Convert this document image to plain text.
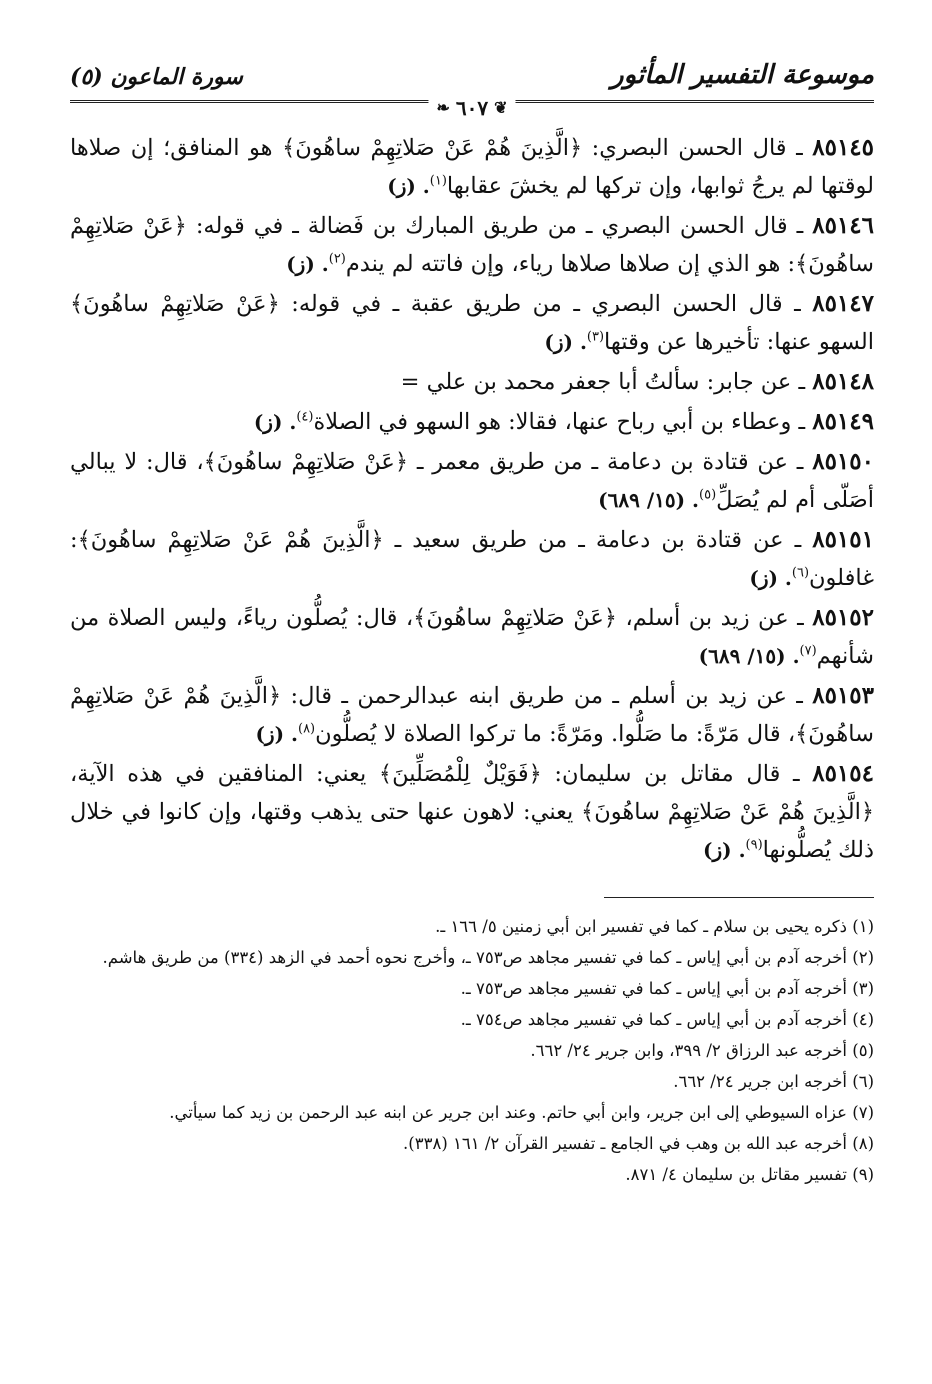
موسوعة التفسير المأثور
سورة الماعون (٥)
❦
٦٠٧
❧

٨٥١٤٥ ـ قال الحسن البصري: ﴿الَّذِينَ هُمْ عَنْ صَلاتِهِمْ ساهُونَ﴾ هو المنافق؛ إن صلاها لوقتها لم يرجُ ثوابها، وإن تركها لم يخشَ عقابها$^{(١)}$. (ز)

٨٥١٤٦ ـ قال الحسن البصري ـ من طريق المبارك بن فَضالة ـ في قوله: ﴿عَنْ صَلاتِهِمْ ساهُونَ﴾: هو الذي إن صلاها صلاها رياء، وإن فاتته لم يندم$^{(٢)}$. (ز)

٨٥١٤٧ ـ قال الحسن البصري ـ من طريق عقبة ـ في قوله: ﴿عَنْ صَلاتِهِمْ ساهُونَ﴾ السهو عنها: تأخيرها عن وقتها$^{(٣)}$. (ز)

٨٥١٤٨ ـ عن جابر: سألتُ أبا جعفر محمد بن علي =

٨٥١٤٩ ـ وعطاء بن أبي رباح عنها، فقالا: هو السهو في الصلاة$^{(٤)}$. (ز)

٨٥١٥٠ ـ عن قتادة بن دعامة ـ من طريق معمر ـ ﴿عَنْ صَلاتِهِمْ ساهُونَ﴾، قال: لا يبالي أصَلّى أم لم يُصَلِّ$^{(٥)}$. (١٥/ ٦٨٩)

٨٥١٥١ ـ عن قتادة بن دعامة ـ من طريق سعيد ـ ﴿الَّذِينَ هُمْ عَنْ صَلاتِهِمْ ساهُونَ﴾: غافلون$^{(٦)}$. (ز)

٨٥١٥٢ ـ عن زيد بن أسلم، ﴿عَنْ صَلاتِهِمْ ساهُونَ﴾، قال: يُصلُّون رياءً، وليس الصلاة من شأنهم$^{(٧)}$. (١٥/ ٦٨٩)

٨٥١٥٣ ـ عن زيد بن أسلم ـ من طريق ابنه عبدالرحمن ـ قال: ﴿الَّذِينَ هُمْ عَنْ صَلاتِهِمْ ساهُونَ﴾، قال مَرّةً: ما صَلُّوا. ومَرّةً: ما تركوا الصلاة لا يُصلُّون$^{(٨)}$. (ز)

٨٥١٥٤ ـ قال مقاتل بن سليمان: ﴿فَوَيْلٌ لِلْمُصَلِّينَ﴾ يعني: المنافقين في هذه الآية، ﴿الَّذِينَ هُمْ عَنْ صَلاتِهِمْ ساهُونَ﴾ يعني: لاهون عنها حتى يذهب وقتها، وإن كانوا في خلال ذلك يُصلُّونها$^{(٩)}$. (ز)

(١) ذكره يحيى بن سلام ـ كما في تفسير ابن أبي زمنين ٥/ ١٦٦ ـ.

(٢) أخرجه آدم بن أبي إياس ـ كما في تفسير مجاهد ص٧٥٣ ـ، وأخرج نحوه أحمد في الزهد (٣٣٤) من طريق هاشم.

(٣) أخرجه آدم بن أبي إياس ـ كما في تفسير مجاهد ص٧٥٣ ـ.

(٤) أخرجه آدم بن أبي إياس ـ كما في تفسير مجاهد ص٧٥٤ ـ.

(٥) أخرجه عبد الرزاق ٢/ ٣٩٩، وابن جرير ٢٤/ ٦٦٢.

(٦) أخرجه ابن جرير ٢٤/ ٦٦٢.

(٧) عزاه السيوطي إلى ابن جرير، وابن أبي حاتم. وعند ابن جرير عن ابنه عبد الرحمن بن زيد كما سيأتي.

(٨) أخرجه عبد الله بن وهب في الجامع ـ تفسير القرآن ٢/ ١٦١ (٣٣٨).

(٩) تفسير مقاتل بن سليمان ٤/ ٨٧١.
